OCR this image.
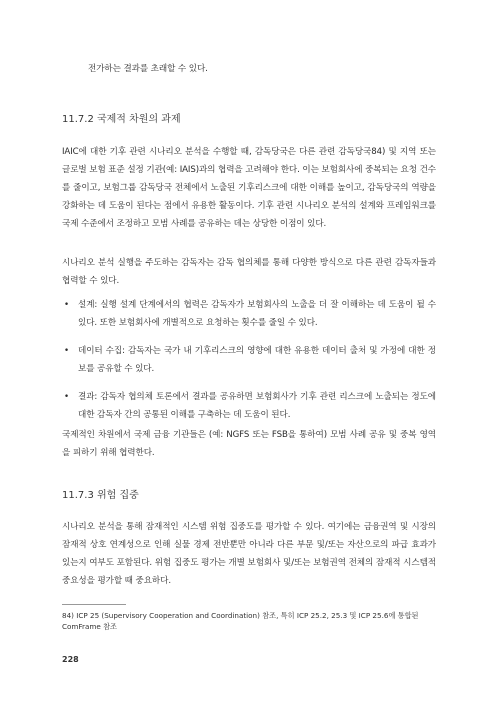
전가하는 결과를 초래할 수 있다.

11.7.2 국제적 차원의 과제

IAIC에 대한 기후 관련 시나리오 분석을 수행할 때, 감독당국은 다른 관련 감독당국84) 및 지역 또는 글로벌 보험 표준 설정 기관(예: IAIS)과의 협력을 고려해야 한다. 이는 보험회사에 중복되는 요청 건수를 줄이고, 보험그룹 감독당국 전체에서 노출된 기후리스크에 대한 이해를 높이고, 감독당국의 역량을 강화하는 데 도움이 된다는 점에서 유용한 활동이다. 기후 관련 시나리오 분석의 설계와 프레임워크를 국제 수준에서 조정하고 모범 사례를 공유하는 데는 상당한 이점이 있다.

시나리오 분석 실행을 주도하는 감독자는 감독 협의체를 통해 다양한 방식으로 다른 관련 감독자들과 협력할 수 있다.

• 설계: 실행 설계 단계에서의 협력은 감독자가 보험회사의 노출을 더 잘 이해하는 데 도움이 될 수 있다. 또한 보험회사에 개별적으로 요청하는 횟수를 줄일 수 있다.
• 데이터 수집: 감독자는 국가 내 기후리스크의 영향에 대한 유용한 데이터 출처 및 가정에 대한 정보를 공유할 수 있다.
• 결과: 감독자 협의체 토론에서 결과를 공유하면 보험회사가 기후 관련 리스크에 노출되는 정도에 대한 감독자 간의 공통된 이해를 구축하는 데 도움이 된다.

국제적인 차원에서 국제 금융 기관들은 (예: NGFS 또는 FSB을 통하여) 모범 사례 공유 및 중복 영역을 피하기 위해 협력한다.

11.7.3 위험 집중

시나리오 분석을 통해 잠재적인 시스템 위험 집중도를 평가할 수 있다. 여기에는 금융권역 및 시장의 잠재적 상호 연계성으로 인해 실물 경제 전반뿐만 아니라 다른 부문 및/또는 자산으로의 파급 효과가 있는지 여부도 포함된다. 위험 집중도 평가는 개별 보험회사 및/또는 보험권역 전체의 잠재적 시스템적 중요성을 평가할 때 중요하다.

84) ICP 25 (Supervisory Cooperation and Coordination) 참조, 특히 ICP 25.2, 25.3 및 ICP 25.6에 통합된 ComFrame 참조
228
